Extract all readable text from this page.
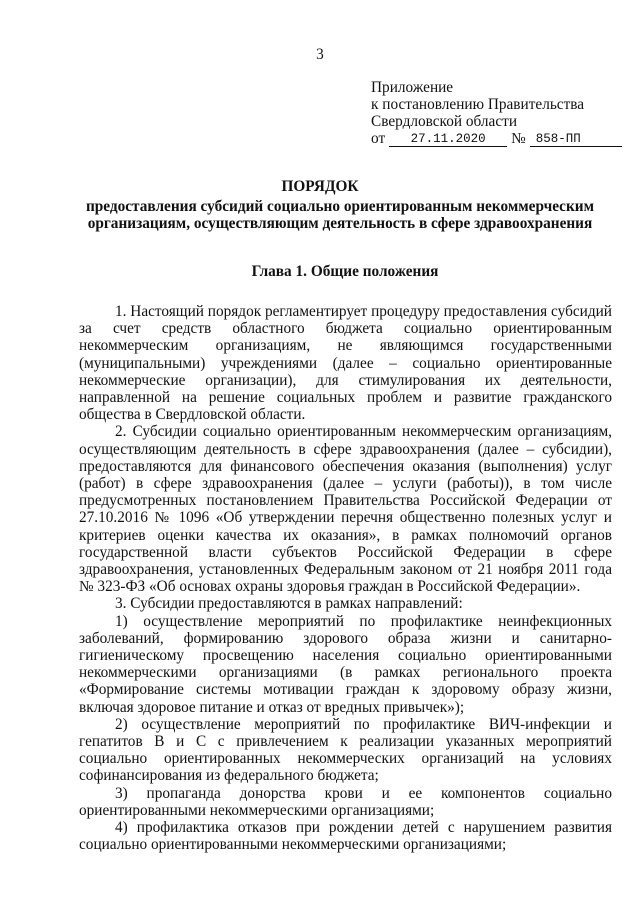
3
Приложение
к постановлению Правительства
Свердловской области
от	27.11.2020	№ 858-ПП
ПОРЯДОК
предоставления субсидий социально ориентированным некоммерческим организациям, осуществляющим деятельность в сфере здравоохранения
Глава 1. Общие положения

1. Настоящий порядок регламентирует процедуру предоставления субсидий за счет средств областного бюджета социально ориентированным некоммерческим организациям, не являющимся государственными (муниципальными) учреждениями (далее – социально ориентированные некоммерческие организации), для стимулирования их деятельности, направленной на решение социальных проблем и развитие гражданского общества в Свердловской области.

2. Субсидии социально ориентированным некоммерческим организациям, осуществляющим деятельность в сфере здравоохранения (далее – субсидии), предоставляются для финансового обеспечения оказания (выполнения) услуг (работ) в сфере здравоохранения (далее – услуги (работы)), в том числе предусмотренных постановлением Правительства Российской Федерации от 27.10.2016 № 1096 «Об утверждении перечня общественно полезных услуг и критериев оценки качества их оказания», в рамках полномочий органов государственной власти субъектов Российской Федерации в сфере здравоохранения, установленных Федеральным законом от 21 ноября 2011 года № 323-ФЗ «Об основах охраны здоровья граждан в Российской Федерации».

3. Субсидии предоставляются в рамках направлений:

1) осуществление мероприятий по профилактике неинфекционных заболеваний, формированию здорового образа жизни и санитарно-гигиеническому просвещению населения социально ориентированными некоммерческими организациями (в рамках регионального проекта «Формирование системы мотивации граждан к здоровому образу жизни, включая здоровое питание и отказ от вредных привычек»);

2) осуществление мероприятий по профилактике ВИЧ-инфекции и гепатитов B и C с привлечением к реализации указанных мероприятий социально ориентированных некоммерческих организаций на условиях софинансирования из федерального бюджета;

3) пропаганда донорства крови и ее компонентов социально ориентированными некоммерческими организациями;

4) профилактика отказов при рождении детей с нарушением развития социально ориентированными некоммерческими организациями;
